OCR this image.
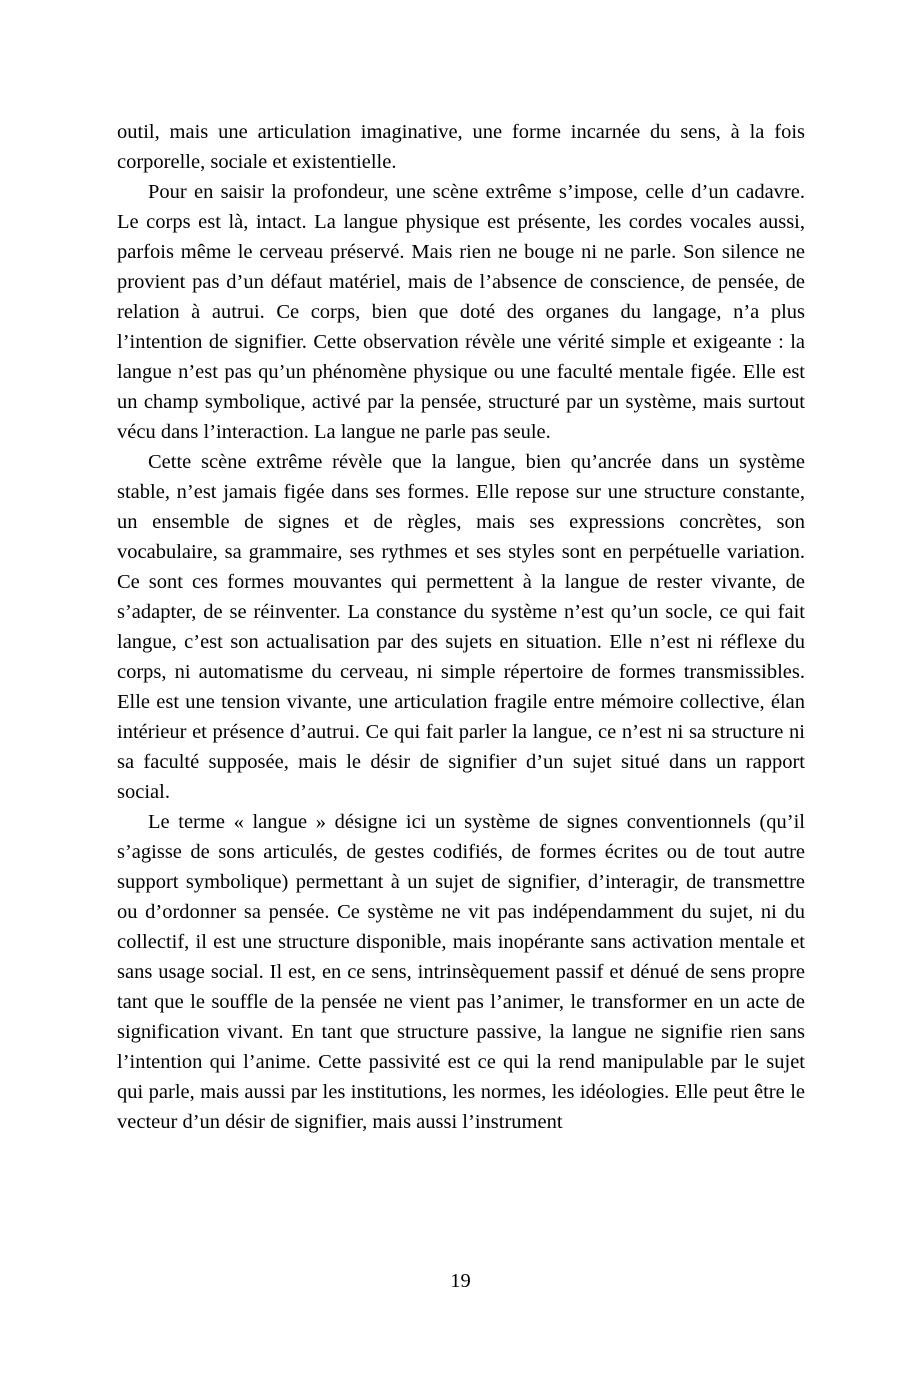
outil, mais une articulation imaginative, une forme incarnée du sens, à la fois corporelle, sociale et existentielle.

Pour en saisir la profondeur, une scène extrême s’impose, celle d’un cadavre. Le corps est là, intact. La langue physique est présente, les cordes vocales aussi, parfois même le cerveau préservé. Mais rien ne bouge ni ne parle. Son silence ne provient pas d’un défaut matériel, mais de l’absence de conscience, de pensée, de relation à autrui. Ce corps, bien que doté des organes du langage, n’a plus l’intention de signifier. Cette observation révèle une vérité simple et exigeante : la langue n’est pas qu’un phénomène physique ou une faculté mentale figée. Elle est un champ symbolique, activé par la pensée, structuré par un système, mais surtout vécu dans l’interaction. La langue ne parle pas seule.

Cette scène extrême révèle que la langue, bien qu’ancrée dans un système stable, n’est jamais figée dans ses formes. Elle repose sur une structure constante, un ensemble de signes et de règles, mais ses expressions concrètes, son vocabulaire, sa grammaire, ses rythmes et ses styles sont en perpétuelle variation. Ce sont ces formes mouvantes qui permettent à la langue de rester vivante, de s’adapter, de se réinventer. La constance du système n’est qu’un socle, ce qui fait langue, c’est son actualisation par des sujets en situation. Elle n’est ni réflexe du corps, ni automatisme du cerveau, ni simple répertoire de formes transmissibles. Elle est une tension vivante, une articulation fragile entre mémoire collective, élan intérieur et présence d’autrui. Ce qui fait parler la langue, ce n’est ni sa structure ni sa faculté supposée, mais le désir de signifier d’un sujet situé dans un rapport social.

Le terme « langue » désigne ici un système de signes conventionnels (qu’il s’agisse de sons articulés, de gestes codifiés, de formes écrites ou de tout autre support symbolique) permettant à un sujet de signifier, d’interagir, de transmettre ou d’ordonner sa pensée. Ce système ne vit pas indépendamment du sujet, ni du collectif, il est une structure disponible, mais inopérante sans activation mentale et sans usage social. Il est, en ce sens, intrinsèquement passif et dénué de sens propre tant que le souffle de la pensée ne vient pas l’animer, le transformer en un acte de signification vivant. En tant que structure passive, la langue ne signifie rien sans l’intention qui l’anime. Cette passivité est ce qui la rend manipulable par le sujet qui parle, mais aussi par les institutions, les normes, les idéologies. Elle peut être le vecteur d’un désir de signifier, mais aussi l’instrument

19
